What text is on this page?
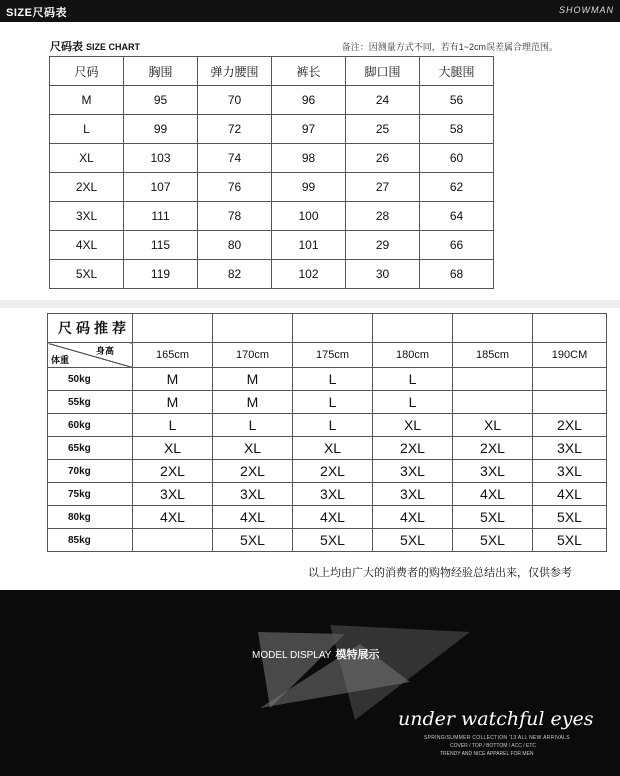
SIZE尺码表	SHOWMAN
尺码表 SIZE CHART	备注：因测量方式不同，若有1~2cm误差属合理范围。
尺码	胸围	弹力腰围	裤长	脚口围	大腿围
M	95	70	96	24	56
L	99	72	97	25	58
XL	103	74	98	26	60
2XL	107	76	99	27	62
3XL	111	78	100	28	64
4XL	115	80	101	29	66
5XL	119	82	102	30	68
尺码推荐						

身高
体重	165cm	170cm	175cm	180cm	185cm	190CM
50kg	M	M	L	L		
55kg	M	M	L	L		
60kg	L	L	L	XL	XL	2XL
65kg	XL	XL	XL	2XL	2XL	3XL
70kg	2XL	2XL	2XL	3XL	3XL	3XL
75kg	3XL	3XL	3XL	3XL	4XL	4XL
80kg	4XL	4XL	4XL	4XL	5XL	5XL
85kg		5XL	5XL	5XL	5XL	5XL
以上均由广大的消费者的购物经验总结出来，仅供参考
MODEL DISPLAY 模特展示
under watchful eyes
SPRING/SUMMER COLLECTION '13 ALL NEW ARRIVALS
COVER / TOP / BOTTOM / ACC / ETC
TRENDY AND NICE APPAREL FOR MEN
